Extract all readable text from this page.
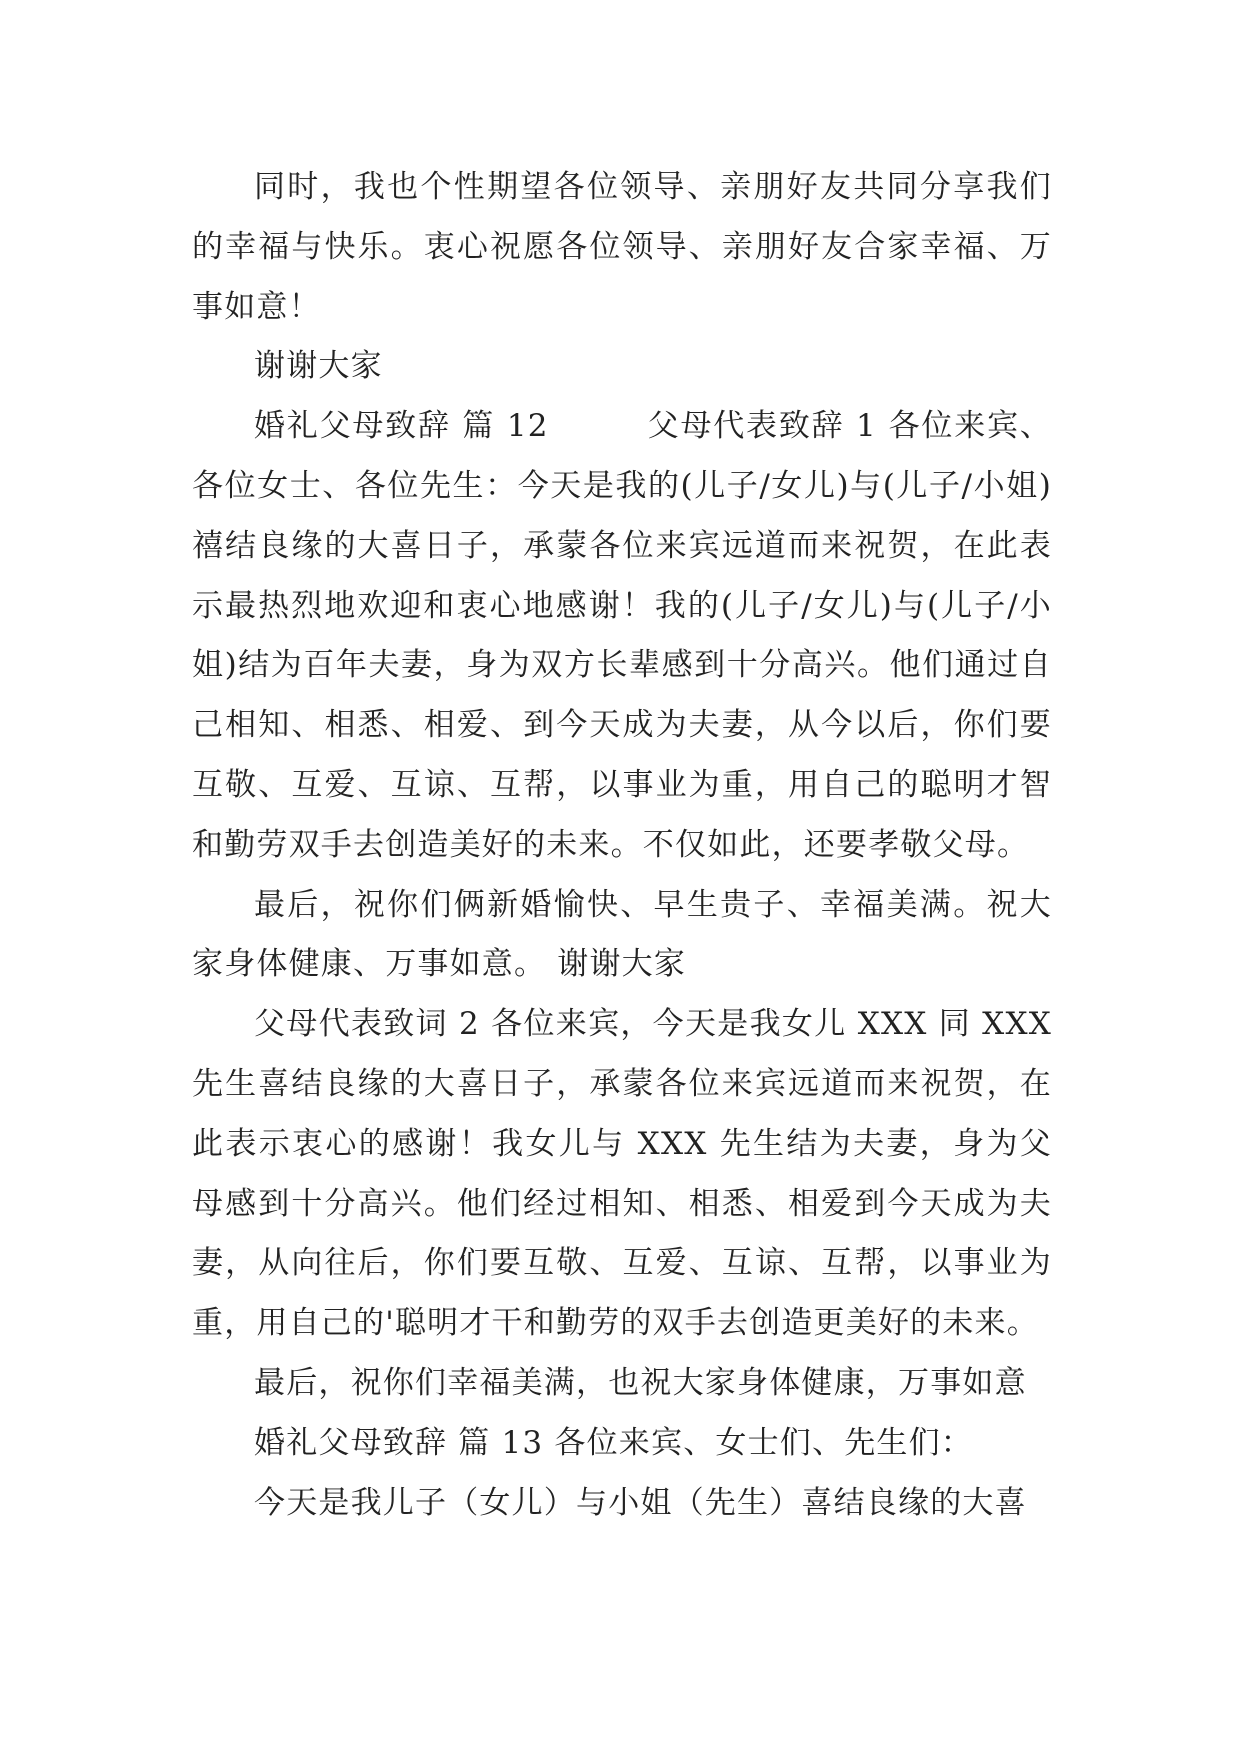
同时，我也个性期望各位领导、亲朋好友共同分享我们的幸福与快乐。衷心祝愿各位领导、亲朋好友合家幸福、万事如意！

谢谢大家

婚礼父母致辞 篇 12　　　父母代表致辞 1 各位来宾、各位女士、各位先生：今天是我的(儿子/女儿)与(儿子/小姐)禧结良缘的大喜日子，承蒙各位来宾远道而来祝贺，在此表示最热烈地欢迎和衷心地感谢！我的(儿子/女儿)与(儿子/小姐)结为百年夫妻，身为双方长辈感到十分高兴。他们通过自己相知、相悉、相爱、到今天成为夫妻，从今以后，你们要互敬、互爱、互谅、互帮，以事业为重，用自己的聪明才智和勤劳双手去创造美好的未来。不仅如此，还要孝敬父母。

最后，祝你们俩新婚愉快、早生贵子、幸福美满。祝大家身体健康、万事如意。 谢谢大家

父母代表致词 2 各位来宾，今天是我女儿 XXX 同 XXX 先生喜结良缘的大喜日子，承蒙各位来宾远道而来祝贺，在此表示衷心的感谢！我女儿与 XXX 先生结为夫妻，身为父母感到十分高兴。他们经过相知、相悉、相爱到今天成为夫妻，从向往后，你们要互敬、互爱、互谅、互帮，以事业为重，用自己的'聪明才干和勤劳的双手去创造更美好的未来。

最后，祝你们幸福美满，也祝大家身体健康，万事如意

婚礼父母致辞 篇 13 各位来宾、女士们、先生们：

今天是我儿子（女儿）与小姐（先生）喜结良缘的大喜
